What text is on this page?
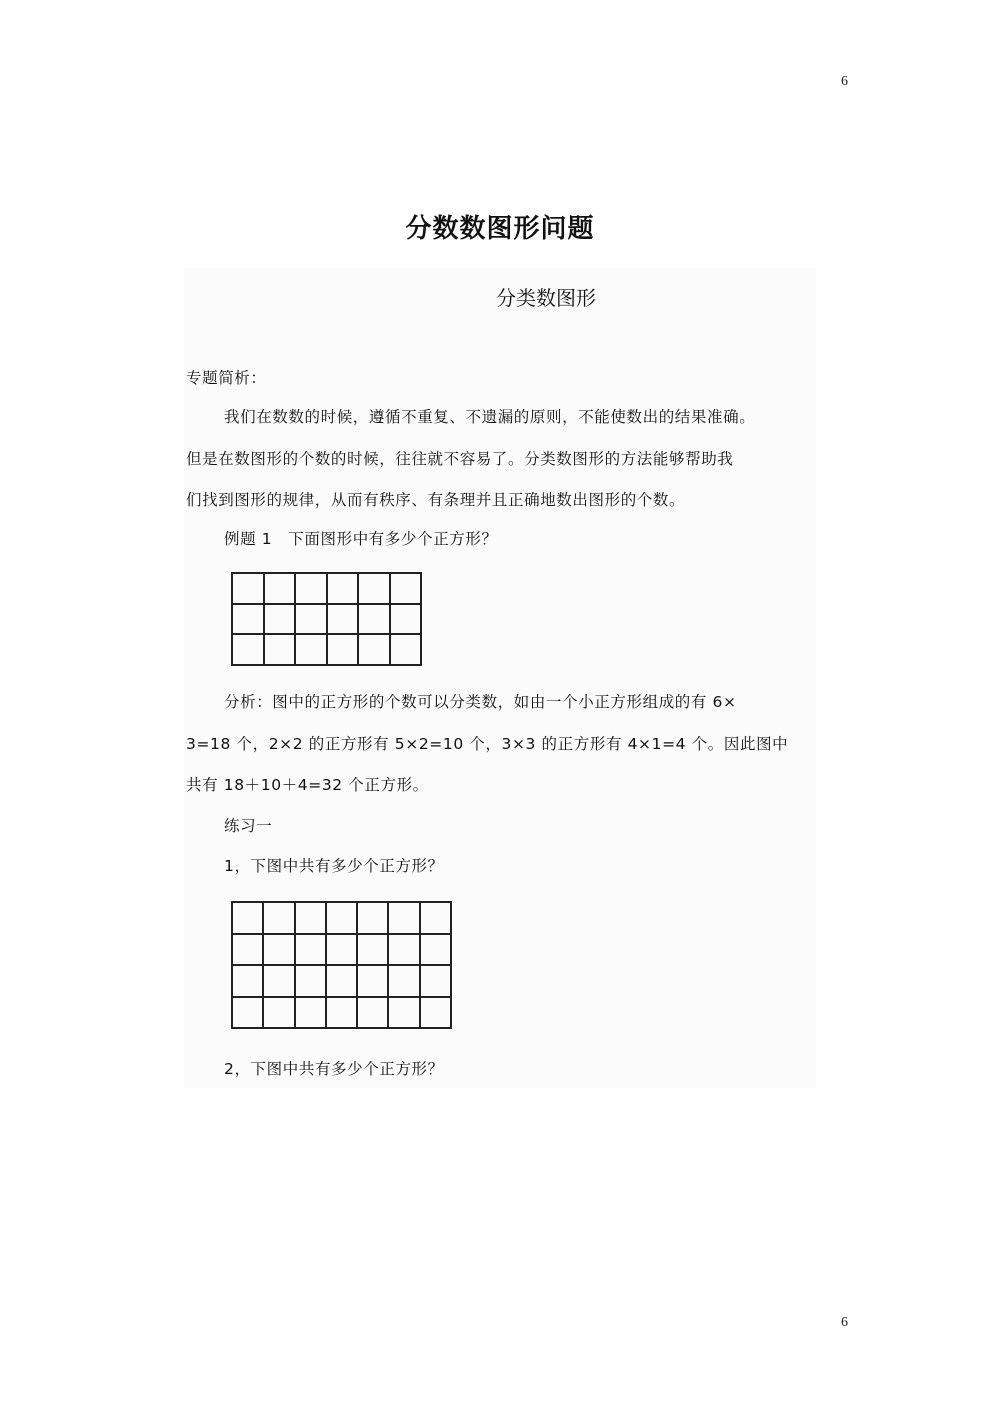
6
分数数图形问题
分类数图形
专题简析：
我们在数数的时候，遵循不重复、不遗漏的原则，不能使数出的结果准确。
但是在数图形的个数的时候，往往就不容易了。分类数图形的方法能够帮助我
们找到图形的规律，从而有秩序、有条理并且正确地数出图形的个数。
例题 1　下面图形中有多少个正方形？

分析：图中的正方形的个数可以分类数，如由一个小正方形组成的有 6×
3=18 个，2×2 的正方形有 5×2=10 个，3×3 的正方形有 4×1=4 个。因此图中
共有 18＋10＋4=32 个正方形。
练习一
1，下图中共有多少个正方形？

2，下图中共有多少个正方形？
6
